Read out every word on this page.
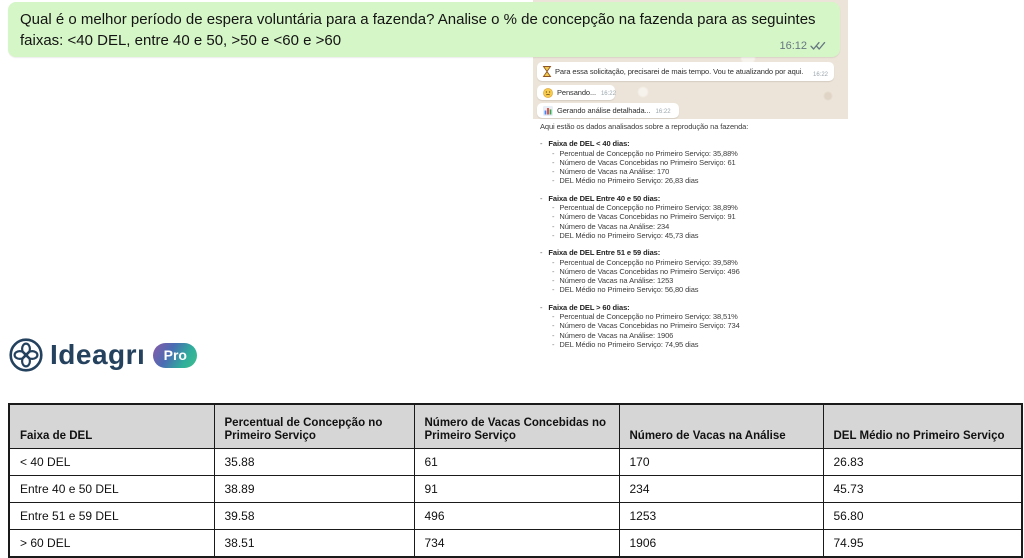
Qual é o melhor período de espera voluntária para a fazenda? Analise o % de concepção na fazenda para as seguintes faixas: <40 DEL, entre 40 e 50, >50 e <60 e >60	16:12
Para essa solicitação, precisarei de mais tempo. Vou te atualizando por aqui. 16:22
Pensando... 16:22
Gerando análise detalhada... 16:22

Aqui estão os dados analisados sobre a reprodução na fazenda:

- Faixa de DEL < 40 dias:
- Percentual de Concepção no Primeiro Serviço: 35,88%
- Número de Vacas Concebidas no Primeiro Serviço: 61
- Número de Vacas na Análise: 170
- DEL Médio no Primeiro Serviço: 26,83 dias
- Faixa de DEL Entre 40 e 50 dias:
- Percentual de Concepção no Primeiro Serviço: 38,89%
- Número de Vacas Concebidas no Primeiro Serviço: 91
- Número de Vacas na Análise: 234
- DEL Médio no Primeiro Serviço: 45,73 dias
- Faixa de DEL Entre 51 e 59 dias:
- Percentual de Concepção no Primeiro Serviço: 39,58%
- Número de Vacas Concebidas no Primeiro Serviço: 496
- Número de Vacas na Análise: 1253
- DEL Médio no Primeiro Serviço: 56,80 dias
- Faixa de DEL > 60 dias:
- Percentual de Concepção no Primeiro Serviço: 38,51%
- Número de Vacas Concebidas no Primeiro Serviço: 734
- Número de Vacas na Análise: 1906
- DEL Médio no Primeiro Serviço: 74,95 dias
Ideagrı	Pro
Faixa de DEL	Percentual de Concepção no Primeiro Serviço	Número de Vacas Concebidas no Primeiro Serviço	Número de Vacas na Análise	DEL Médio no Primeiro Serviço
< 40 DEL	35.88	61	170	26.83
Entre 40 e 50 DEL	38.89	91	234	45.73
Entre 51 e 59 DEL	39.58	496	1253	56.80
> 60 DEL	38.51	734	1906	74.95
